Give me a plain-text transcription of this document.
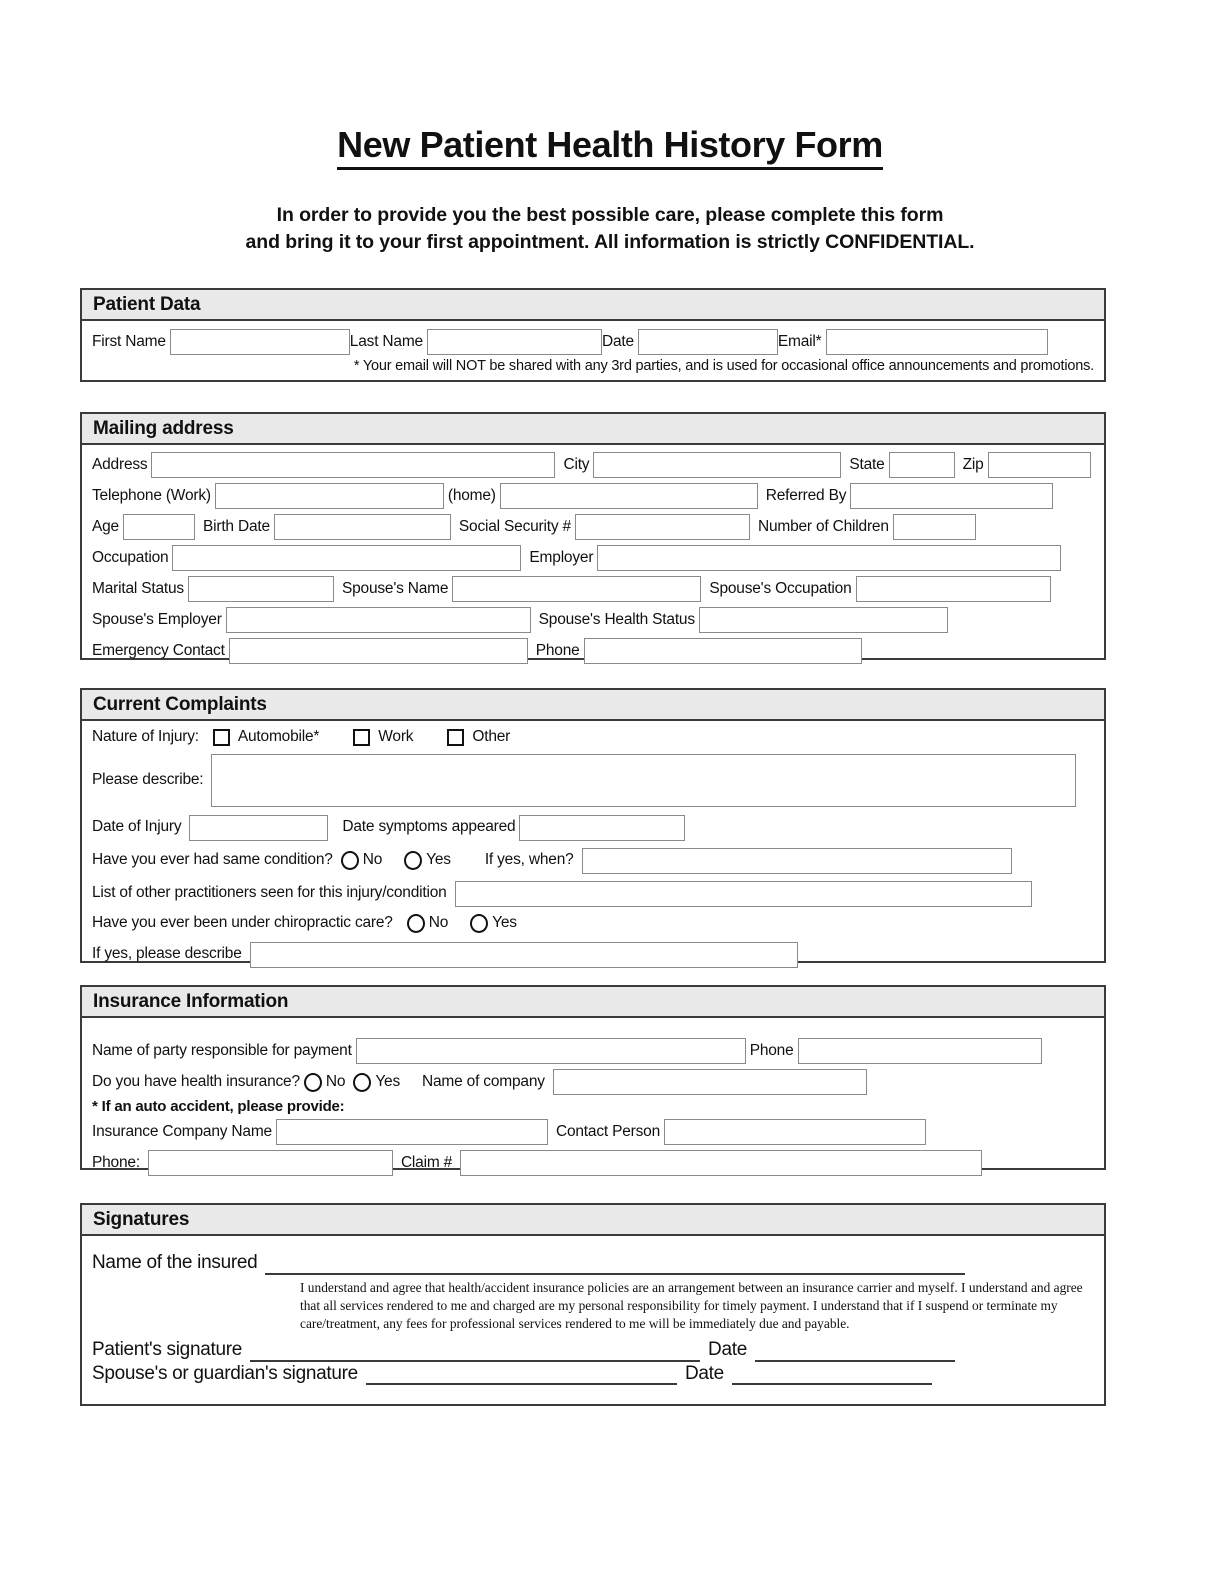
New Patient Health History Form
In order to provide you the best possible care, please complete this form
and bring it to your first appointment. All information is strictly CONFIDENTIAL.
Patient Data
First Name	Last Name	Date	Email*
* Your email will NOT be shared with any 3rd parties, and is used for occasional office announcements and promotions.
Mailing address
Address	City	State	Zip
Telephone (Work)	(home)	Referred By
Age	Birth Date	Social Security #	Number of Children
Occupation	Employer
Marital Status	Spouse's Name	Spouse's Occupation
Spouse's Employer	Spouse's Health Status
Emergency Contact	Phone
Current Complaints
Nature of Injury:	Automobile*	Work	Other
Please describe:
Date of Injury	Date symptoms appeared
Have you ever ha​d same condition? No	Yes If yes, when?
List of other practitioners seen for this injury/condition
Have you ever been under chiropractic care? No	Yes
If yes, please describe
Insurance Information
Name of party responsible for payment	Phone
Do you have health insurance? No Yes Name of company
* If an auto accident, please provide:
Insurance Company Name	Contact Person
Phone:	Claim #
Signatures
Name of the insured
I understand and agree that health/accident insurance policies are an arrangement between an insurance carrier and myself. I understand and agree that all services rendered to me and charged are my personal responsibility for timely payment. I understand that if I suspend or terminate my care/treatment, any fees for professional services rendered to me will be immediately due and payable.
Patient's signature	Date
Spouse's or guardian's signature	Date
